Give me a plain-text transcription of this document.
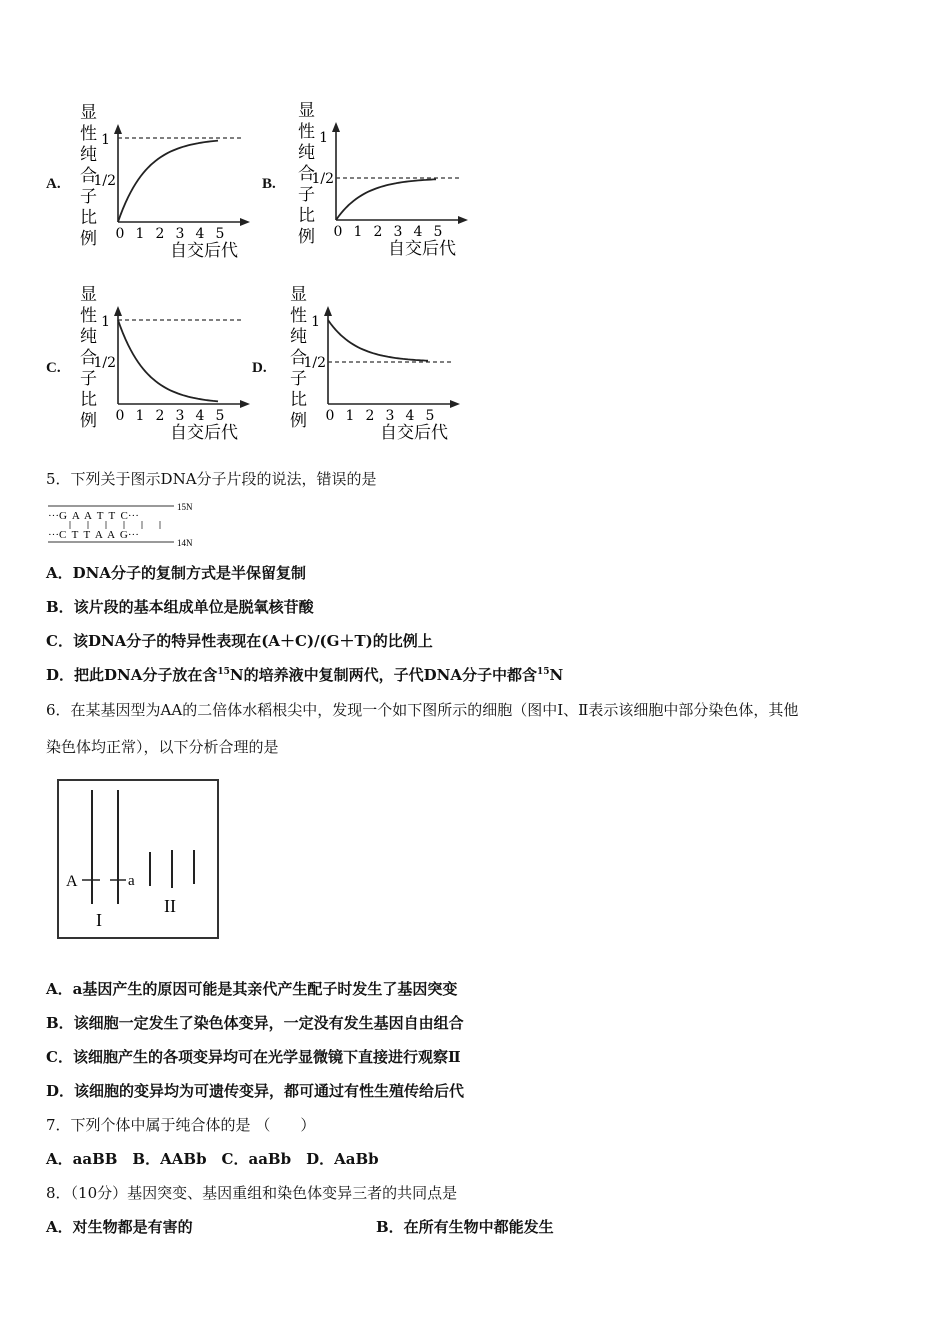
A.
显
性
纯
合
子
比
例
1
1/2
0 1 2 3 4 5
自交后代
B.
显
性
纯
合
子
比
例
1
1/2
0 1 2 3 4 5
自交后代
C.
显
性
纯
合
子
比
例
1
1/2
0 1 2 3 4 5
自交后代
D.
显
性
纯
合
子
比
例
1
1/2
0 1 2 3 4 5
自交后代
5．下列关于图示DNA分子片段的说法，错误的是
···G  A  A  T  T  C···
···C  T  T  A  A  G···
15N
14N
A．DNA分子的复制方式是半保留复制
B．该片段的基本组成单位是脱氧核苷酸
C．该DNA分子的特异性表现在(A＋C)/(G＋T)的比例上
D．把此DNA分子放在含$^{15}$N的培养液中复制两代，子代DNA分子中都含$^{15}$N
6．在某基因型为AA的二倍体水稻根尖中，发现一个如下图所示的细胞（图中Ⅰ、Ⅱ表示该细胞中部分染色体，其他
染色体均正常），以下分析合理的是
A	a
I
II
A．a基因产生的原因可能是其亲代产生配子时发生了基因突变
B．该细胞一定发生了染色体变异，一定没有发生基因自由组合
C．该细胞产生的各项变异均可在光学显微镜下直接进行观察Ⅱ
D．该细胞的变异均为可遗传变异，都可通过有性生殖传给后代
7．下列个体中属于纯合体的是 （　　）
A．aaBB　B．AABb　C．aaBb　D．AaBb
8．（10分）基因突变、基因重组和染色体变异三者的共同点是
A．对生物都是有害的	B．在所有生物中都能发生
